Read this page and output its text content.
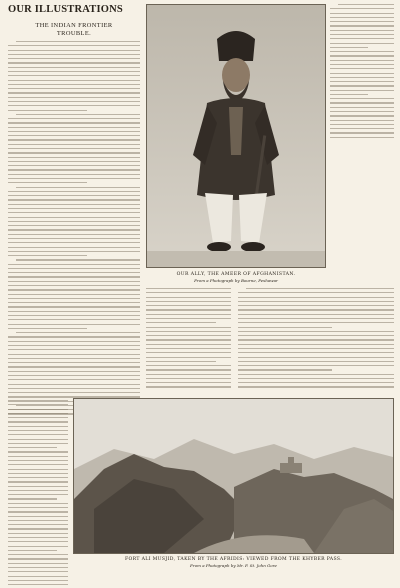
OUR ILLUSTRATIONS
THE INDIAN FRONTIER
TROUBLE.
OUR ALLY, THE AMEER OF AFGHANISTAN.
From a Photograph by Bourne, Peshawar
FORT ALI MUSJID, TAKEN BY THE AFRIDIS: VIEWED FROM THE KHYBER PASS.
From a Photograph by Mr. F. St. John Gore
